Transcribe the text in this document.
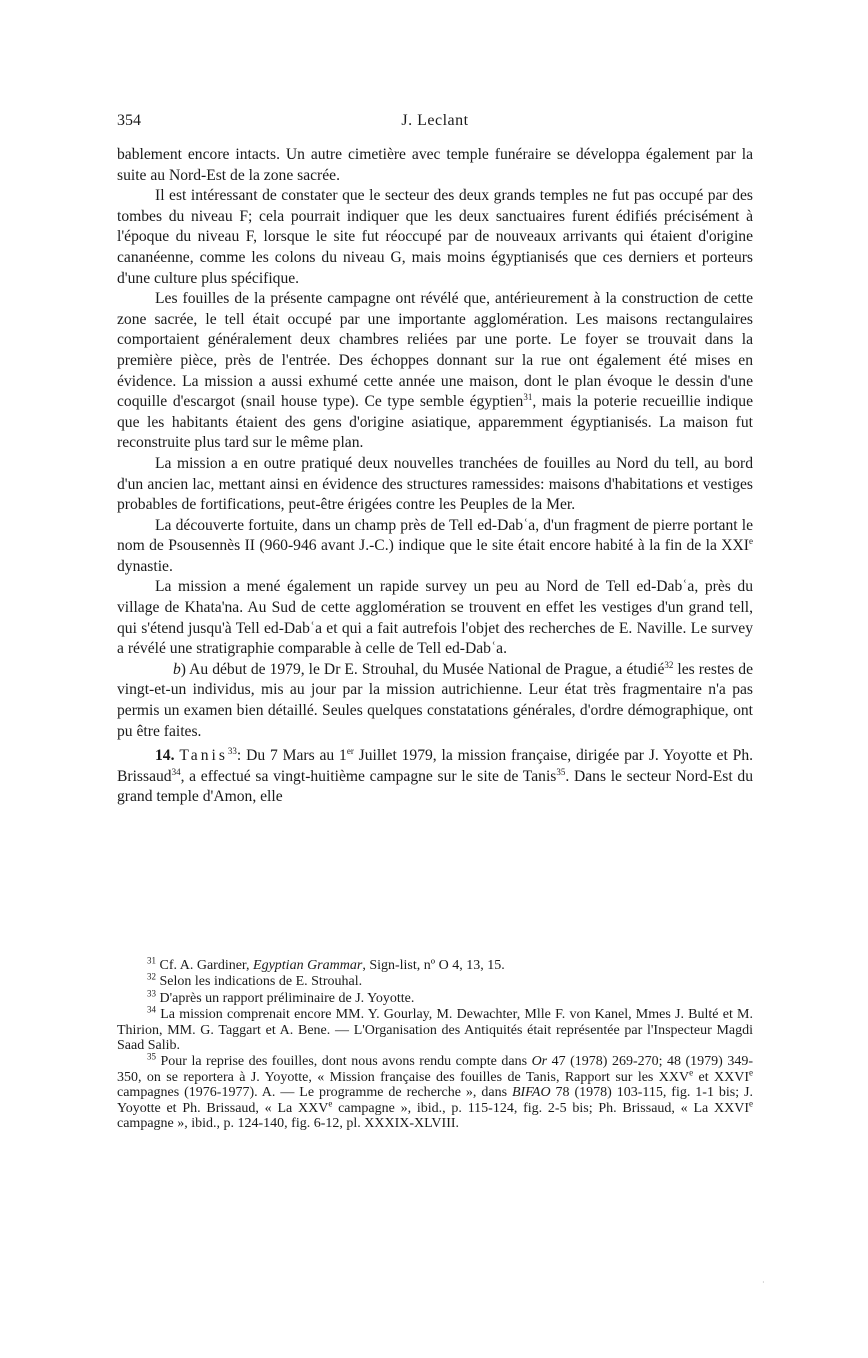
354	J. Leclant

bablement encore intacts. Un autre cimetière avec temple funéraire se développa également par la suite au Nord-Est de la zone sacrée.

Il est intéressant de constater que le secteur des deux grands temples ne fut pas occupé par des tombes du niveau F; cela pourrait indiquer que les deux sanctuaires furent édifiés précisément à l'époque du niveau F, lorsque le site fut réoccupé par de nouveaux arrivants qui étaient d'origine cananéenne, comme les colons du niveau G, mais moins égyptianisés que ces derniers et porteurs d'une culture plus spécifique.

Les fouilles de la présente campagne ont révélé que, antérieurement à la construction de cette zone sacrée, le tell était occupé par une importante agglomération. Les maisons rectangulaires comportaient généralement deux chambres reliées par une porte. Le foyer se trouvait dans la première pièce, près de l'entrée. Des échoppes donnant sur la rue ont également été mises en évidence. La mission a aussi exhumé cette année une maison, dont le plan évoque le dessin d'une coquille d'escargot (snail house type). Ce type semble égyptien$^{31}$, mais la poterie recueillie indique que les habitants étaient des gens d'origine asiatique, apparemment égyptianisés. La maison fut reconstruite plus tard sur le même plan.

La mission a en outre pratiqué deux nouvelles tranchées de fouilles au Nord du tell, au bord d'un ancien lac, mettant ainsi en évidence des structures ramessides: maisons d'habitations et vestiges probables de fortifications, peut-être érigées contre les Peuples de la Mer.

La découverte fortuite, dans un champ près de Tell ed-Dabʿa, d'un fragment de pierre portant le nom de Psousennès II (960-946 avant J.-C.) indique que le site était encore habité à la fin de la XXIe dynastie.

La mission a mené également un rapide survey un peu au Nord de Tell ed-Dabʿa, près du village de Khata'na. Au Sud de cette agglomération se trouvent en effet les vestiges d'un grand tell, qui s'étend jusqu'à Tell ed-Dabʿa et qui a fait autrefois l'objet des recherches de E. Naville. Le survey a révélé une stratigraphie comparable à celle de Tell ed-Dabʿa.

b) Au début de 1979, le Dr E. Strouhal, du Musée National de Prague, a étudié$^{32}$ les restes de vingt-et-un individus, mis au jour par la mission autrichienne. Leur état très fragmentaire n'a pas permis un examen bien détaillé. Seules quelques constatations générales, d'ordre démographique, ont pu être faites.

14. Tanis$^{33}$: Du 7 Mars au 1er Juillet 1979, la mission française, dirigée par J. Yoyotte et Ph. Brissaud$^{34}$, a effectué sa vingt-huitième campagne sur le site de Tanis$^{35}$. Dans le secteur Nord-Est du grand temple d'Amon, elle

$^{31}$ Cf. A. Gardiner, Egyptian Grammar, Sign-list, nº O 4, 13, 15.

$^{32}$ Selon les indications de E. Strouhal.

$^{33}$ D'après un rapport préliminaire de J. Yoyotte.

$^{34}$ La mission comprenait encore MM. Y. Gourlay, M. Dewachter, Mlle F. von Kanel, Mmes J. Bulté et M. Thirion, MM. G. Taggart et A. Bene. — L'Organisation des Antiquités était représentée par l'Inspecteur Magdi Saad Salib.

$^{35}$ Pour la reprise des fouilles, dont nous avons rendu compte dans Or 47 (1978) 269-270; 48 (1979) 349-350, on se reportera à J. Yoyotte, « Mission française des fouilles de Tanis, Rapport sur les XXVe et XXVIe campagnes (1976-1977). A. — Le programme de recherche », dans BIFAO 78 (1978) 103-115, fig. 1-1 bis; J. Yoyotte et Ph. Brissaud, « La XXVe campagne », ibid., p. 115-124, fig. 2-5 bis; Ph. Brissaud, « La XXVIe campagne », ibid., p. 124-140, fig. 6-12, pl. XXXIX-XLVIII.

·
